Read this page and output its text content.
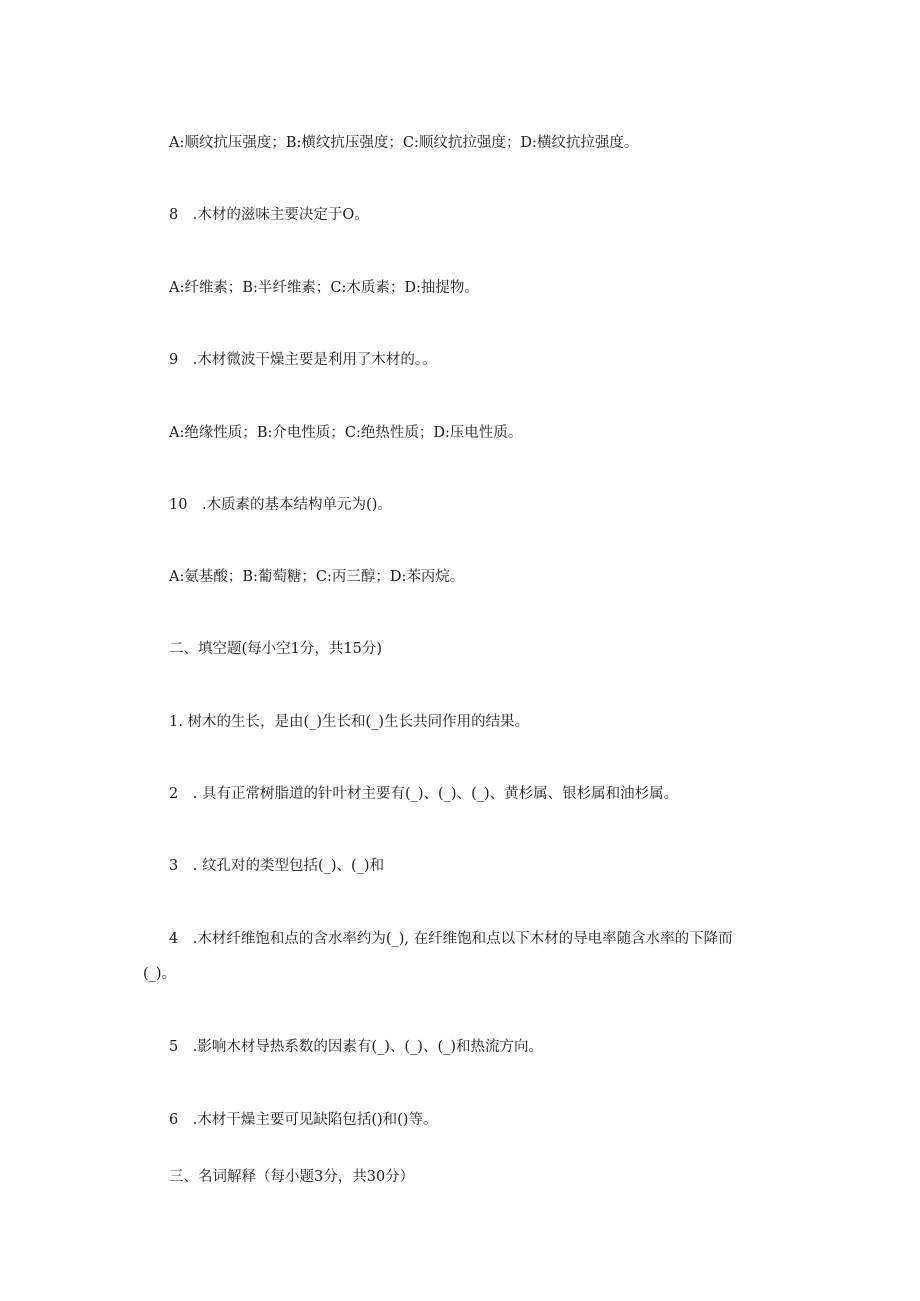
A:顺纹抗压强度；B:横纹抗压强度；C:顺纹抗拉强度；D:横纹抗拉强度。

8　.木材的滋味主要决定于O。

A:纤维素；B:半纤维素；C:木质素；D:抽提物。

9　.木材微波干燥主要是利用了木材的。。

A:绝缘性质；B:介电性质；C:绝热性质；D:压电性质。

10　.木质素的基本结构单元为()。

A:氨基酸；B:葡萄糖；C:丙三醇；D:苯丙烷。

二、填空题(每小空1分，共15分)

1. 树木的生长，是由(_)生长和(_)生长共同作用的结果。

2　. 具有正常树脂道的针叶材主要有(_)、(_)、(_)、黄杉属、银杉属和油杉属。

3　. 纹孔对的类型包括(_)、(_)和

4　.木材纤维饱和点的含水率约为(_), 在纤维饱和点以下木材的导电率随含水率的下降而

(_)。

5　.影响木材导热系数的因素有(_)、(_)、(_)和热流方向。

6　.木材干燥主要可见缺陷包括()和()等。

三、名词解释（每小题3分，共30分）
